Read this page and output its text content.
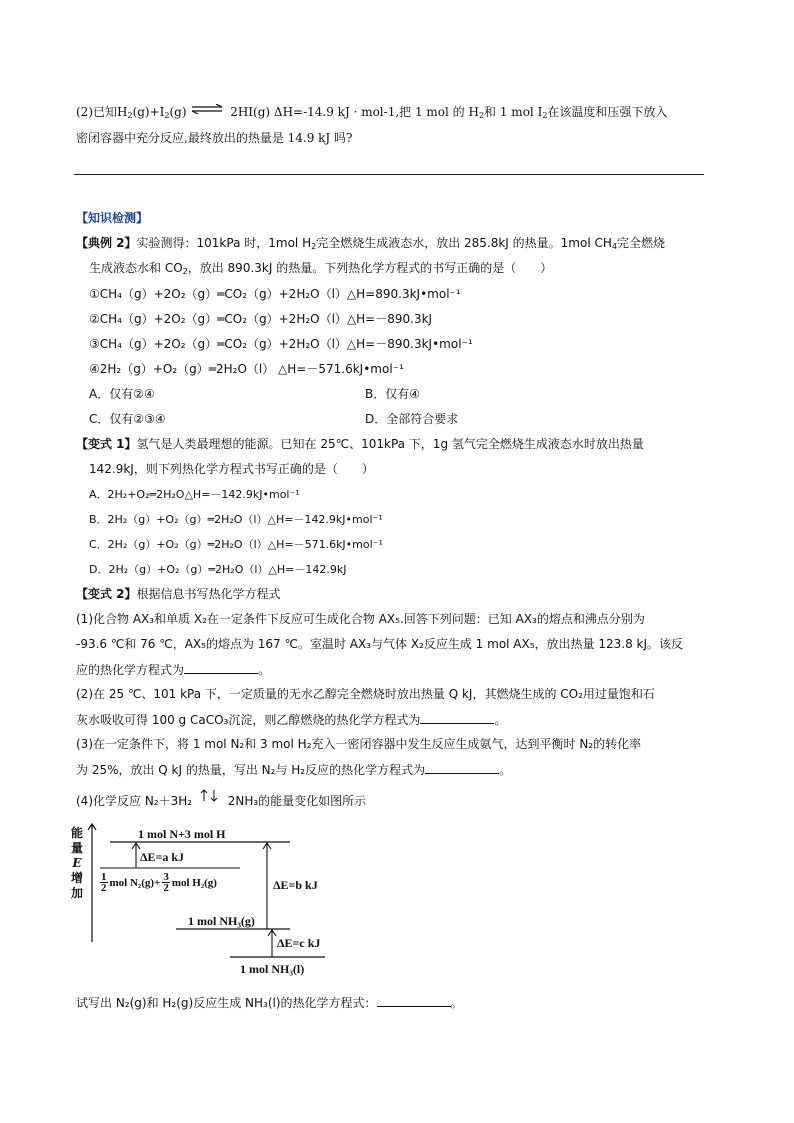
(2)已知$H_2(g)+I_2(g)$ ⇌ 2HI(g) ΔH=-14.9 kJ · mol-1,把 1 mol 的 $H_2$和 1 mol $I_2$在该温度和压强下放入
密闭容器中充分反应,最终放出的热量是 14.9 kJ 吗?
【知识检测】
【典例 2】实验测得：101kPa 时，1mol $H_2$完全燃烧生成液态水，放出 285.8kJ 的热量。1mol $CH_4$完全燃烧
生成液态水和 $CO_2$，放出 890.3kJ 的热量。下列热化学方程式的书写正确的是（　　）
①CH₄（g）+2O₂（g）═CO₂（g）+2H₂O（l）△H=890.3kJ•mol⁻¹
②CH₄（g）+2O₂（g）═CO₂（g）+2H₂O（l）△H=－890.3kJ
③CH₄（g）+2O₂（g）═CO₂（g）+2H₂O（l）△H=－890.3kJ•mol⁻¹
④2H₂（g）+O₂（g）═2H₂O（l） △H=－571.6kJ•mol⁻¹
A．仅有②④	B．仅有④
C．仅有②③④	D．全部符合要求
【变式 1】氢气是人类最理想的能源。已知在 25℃、101kPa 下，1g 氢气完全燃烧生成液态水时放出热量
142.9kJ，则下列热化学方程式书写正确的是（　　）
A．2H₂+O₂═2H₂O△H=－142.9kJ•mol⁻¹
B．2H₂（g）+O₂（g）═2H₂O（l）△H=－142.9kJ•mol⁻¹
C．2H₂（g）+O₂（g）═2H₂O（l）△H=－571.6kJ•mol⁻¹
D．2H₂（g）+O₂（g）═2H₂O（l）△H=－142.9kJ
【变式 2】根据信息书写热化学方程式
(1)化合物 AX₃和单质 X₂在一定条件下反应可生成化合物 AX₅.回答下列问题：已知 AX₃的熔点和沸点分别为
-93.6 ℃和 76 ℃，AX₅的熔点为 167 ℃。室温时 AX₃与气体 X₂反应生成 1 mol AX₅，放出热量 123.8 kJ。该反
应的热化学方程式为	。
(2)在 25 ℃、101 kPa 下，一定质量的无水乙醇完全燃烧时放出热量 Q kJ，其燃烧生成的 CO₂用过量饱和石
灰水吸收可得 100 g CaCO₃沉淀，则乙醇燃烧的热化学方程式为	。
(3)在一定条件下，将 1 mol N₂和 3 mol H₂充入一密闭容器中发生反应生成氨气，达到平衡时 N₂的转化率
为 25%，放出 Q kJ 的热量，写出 N₂与 H₂反应的热化学方程式为	。
(4)化学反应 N₂＋3H₂	2NH₃的能量变化如图所示
能
量
E
增
加
1 mol N+3 mol H
ΔE=a kJ
ΔE=b kJ
ΔE=c kJ
$\frac{1}{2}$ mol $N_2(g)+ \frac{3}{2}$ mol H₂(g)
1 mol NH₃(g)
1 mol NH₃(l)
试写出 N₂(g)和 H₂(g)反应生成 NH₃(l)的热化学方程式：	。
